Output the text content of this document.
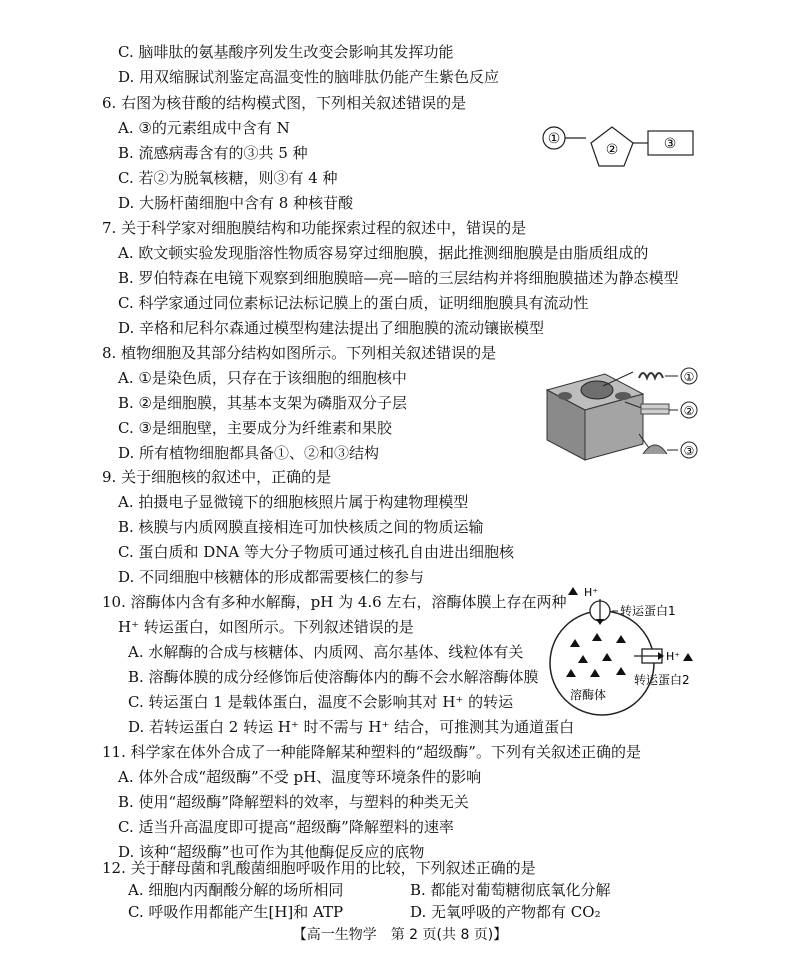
C. 脑啡肽的氨基酸序列发生改变会影响其发挥功能
D. 用双缩脲试剂鉴定高温变性的脑啡肽仍能产生紫色反应
6. 右图为核苷酸的结构模式图，下列相关叙述错误的是
A. ③的元素组成中含有 N
B. 流感病毒含有的③共 5 种
C. 若②为脱氧核糖，则③有 4 种
D. 大肠杆菌细胞中含有 8 种核苷酸
①
②	③
7. 关于科学家对细胞膜结构和功能探索过程的叙述中，错误的是
A. 欧文顿实验发现脂溶性物质容易穿过细胞膜，据此推测细胞膜是由脂质组成的
B. 罗伯特森在电镜下观察到细胞膜暗—亮—暗的三层结构并将细胞膜描述为静态模型
C. 科学家通过同位素标记法标记膜上的蛋白质，证明细胞膜具有流动性
D. 辛格和尼科尔森通过模型构建法提出了细胞膜的流动镶嵌模型
8. 植物细胞及其部分结构如图所示。下列相关叙述错误的是
A. ①是染色质，只存在于该细胞的细胞核中
B. ②是细胞膜，其基本支架为磷脂双分子层
C. ③是细胞壁，主要成分为纤维素和果胶
D. 所有植物细胞都具备①、②和③结构
①
②
③
9. 关于细胞核的叙述中，正确的是
A. 拍摄电子显微镜下的细胞核照片属于构建物理模型
B. 核膜与内质网膜直接相连可加快核质之间的物质运输
C. 蛋白质和 DNA 等大分子物质可通过核孔自由进出细胞核
D. 不同细胞中核糖体的形成都需要核仁的参与
10. 溶酶体内含有多种水解酶，pH 为 4.6 左右，溶酶体膜上存在两种
H⁺ 转运蛋白，如图所示。下列叙述错误的是
A. 水解酶的合成与核糖体、内质网、高尔基体、线粒体有关
B. 溶酶体膜的成分经修饰后使溶酶体内的酶不会水解溶酶体膜
C. 转运蛋白 1 是载体蛋白，温度不会影响其对 H⁺ 的转运
D. 若转运蛋白 2 转运 H⁺ 时不需与 H⁺ 结合，可推测其为通道蛋白
H⁺
转运蛋白1
H⁺
转运蛋白2
溶酶体
11. 科学家在体外合成了一种能降解某种塑料的“超级酶”。下列有关叙述正确的是
A. 体外合成“超级酶”不受 pH、温度等环境条件的影响
B. 使用“超级酶”降解塑料的效率，与塑料的种类无关
C. 适当升高温度即可提高“超级酶”降解塑料的速率
D. 该种“超级酶”也可作为其他酶促反应的底物
12. 关于酵母菌和乳酸菌细胞呼吸作用的比较，下列叙述正确的是
A. 细胞内丙酮酸分解的场所相同	B. 都能对葡萄糖彻底氧化分解
【高一生物学　第 2 页(共 8 页)】
C. 呼吸作用都能产生[H]和 ATP	D. 无氧呼吸的产物都有 CO₂
